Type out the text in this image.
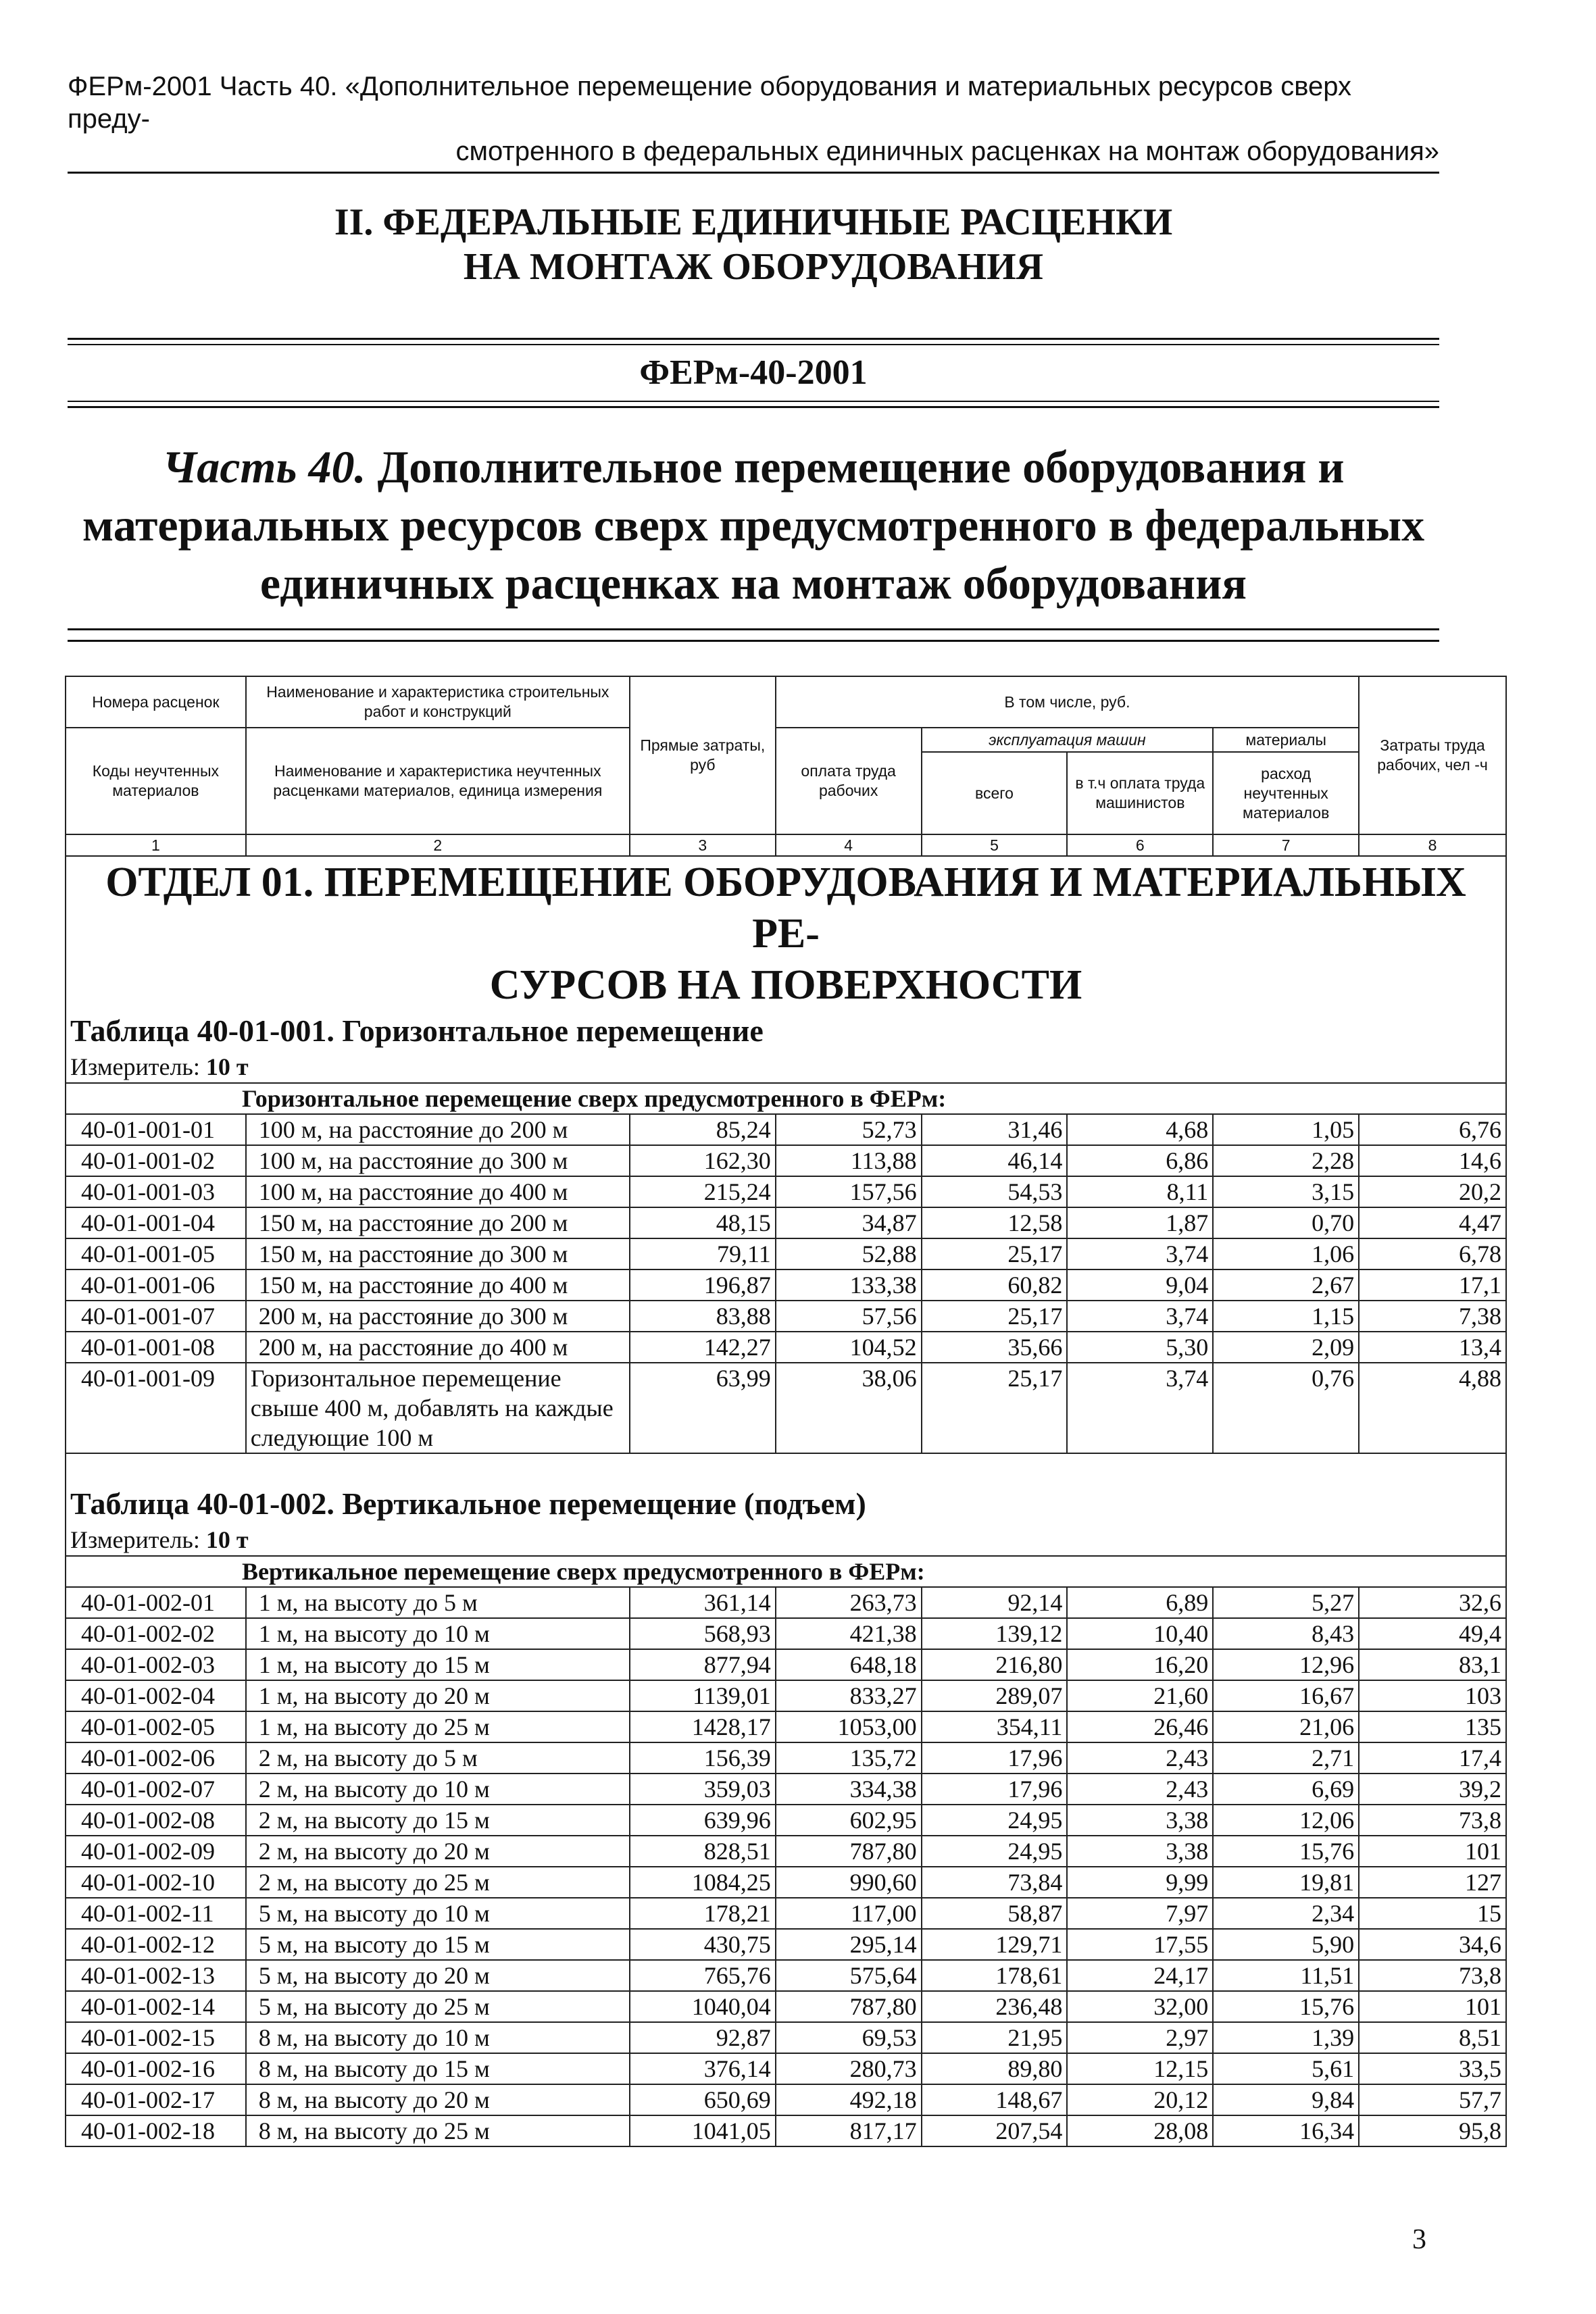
ФЕРм-2001 Часть 40. «Дополнительное перемещение оборудования и материальных ресурсов сверх преду-
смотренного в федеральных единичных расценках на монтаж оборудования»
II. ФЕДЕРАЛЬНЫЕ ЕДИНИЧНЫЕ РАСЦЕНКИ
НА МОНТАЖ ОБОРУДОВАНИЯ
ФЕРм-40-2001
Часть 40. Дополнительное перемещение оборудования и
материальных ресурсов сверх предусмотренного в федеральных
единичных расценках на монтаж оборудования
Номера расценок	Наименование и характеристика строительных работ и конструкций	Прямые затраты, руб	В том числе, руб.				Затраты труда рабочих, чел -ч
Коды неучтенных материалов	Наименование и характеристика неучтенных расценками материалов, единица измерения		оплата труда рабочих	эксплуатация машин		материалы	
				всего	в т.ч оплата труда машинистов	расход неучтенных материалов	
1	2	3	4	5	6	7	8

ОТДЕЛ 01. ПЕРЕМЕЩЕНИЕ ОБОРУДОВАНИЯ И МАТЕРИАЛЬНЫХ РЕ-
СУРСОВ НА ПОВЕРХНОСТИ							

Таблица 40-01-001. Горизонтальное перемещение							
Измеритель: 10 т							
Горизонтальное перемещение сверх предусмотренного в ФЕРм:							
40-01-001-01	100 м, на расстояние до 200 м	85,24	52,73	31,46	4,68	1,05	6,76
40-01-001-02	100 м, на расстояние до 300 м	162,30	113,88	46,14	6,86	2,28	14,6
40-01-001-03	100 м, на расстояние до 400 м	215,24	157,56	54,53	8,11	3,15	20,2
40-01-001-04	150 м, на расстояние до 200 м	48,15	34,87	12,58	1,87	0,70	4,47
40-01-001-05	150 м, на расстояние до 300 м	79,11	52,88	25,17	3,74	1,06	6,78
40-01-001-06	150 м, на расстояние до 400 м	196,87	133,38	60,82	9,04	2,67	17,1
40-01-001-07	200 м, на расстояние до 300 м	83,88	57,56	25,17	3,74	1,15	7,38
40-01-001-08	200 м, на расстояние до 400 м	142,27	104,52	35,66	5,30	2,09	13,4
40-01-001-09	Горизонтальное перемещение свыше 400 м, добавлять на каждые следующие 100 м	63,99	38,06	25,17	3,74	0,76	4,88
Таблица 40-01-002. Вертикальное перемещение (подъем)							
Измеритель: 10 т							
Вертикальное перемещение сверх предусмотренного в ФЕРм:							
40-01-002-01	1 м, на высоту до 5 м	361,14	263,73	92,14	6,89	5,27	32,6
40-01-002-02	1 м, на высоту до 10 м	568,93	421,38	139,12	10,40	8,43	49,4
40-01-002-03	1 м, на высоту до 15 м	877,94	648,18	216,80	16,20	12,96	83,1
40-01-002-04	1 м, на высоту до 20 м	1139,01	833,27	289,07	21,60	16,67	103
40-01-002-05	1 м, на высоту до 25 м	1428,17	1053,00	354,11	26,46	21,06	135
40-01-002-06	2 м, на высоту до 5 м	156,39	135,72	17,96	2,43	2,71	17,4
40-01-002-07	2 м, на высоту до 10 м	359,03	334,38	17,96	2,43	6,69	39,2
40-01-002-08	2 м, на высоту до 15 м	639,96	602,95	24,95	3,38	12,06	73,8
40-01-002-09	2 м, на высоту до 20 м	828,51	787,80	24,95	3,38	15,76	101
40-01-002-10	2 м, на высоту до 25 м	1084,25	990,60	73,84	9,99	19,81	127
40-01-002-11	5 м, на высоту до 10 м	178,21	117,00	58,87	7,97	2,34	15
40-01-002-12	5 м, на высоту до 15 м	430,75	295,14	129,71	17,55	5,90	34,6
40-01-002-13	5 м, на высоту до 20 м	765,76	575,64	178,61	24,17	11,51	73,8
40-01-002-14	5 м, на высоту до 25 м	1040,04	787,80	236,48	32,00	15,76	101
40-01-002-15	8 м, на высоту до 10 м	92,87	69,53	21,95	2,97	1,39	8,51
40-01-002-16	8 м, на высоту до 15 м	376,14	280,73	89,80	12,15	5,61	33,5
40-01-002-17	8 м, на высоту до 20 м	650,69	492,18	148,67	20,12	9,84	57,7
40-01-002-18	8 м, на высоту до 25 м	1041,05	817,17	207,54	28,08	16,34	95,8
3
